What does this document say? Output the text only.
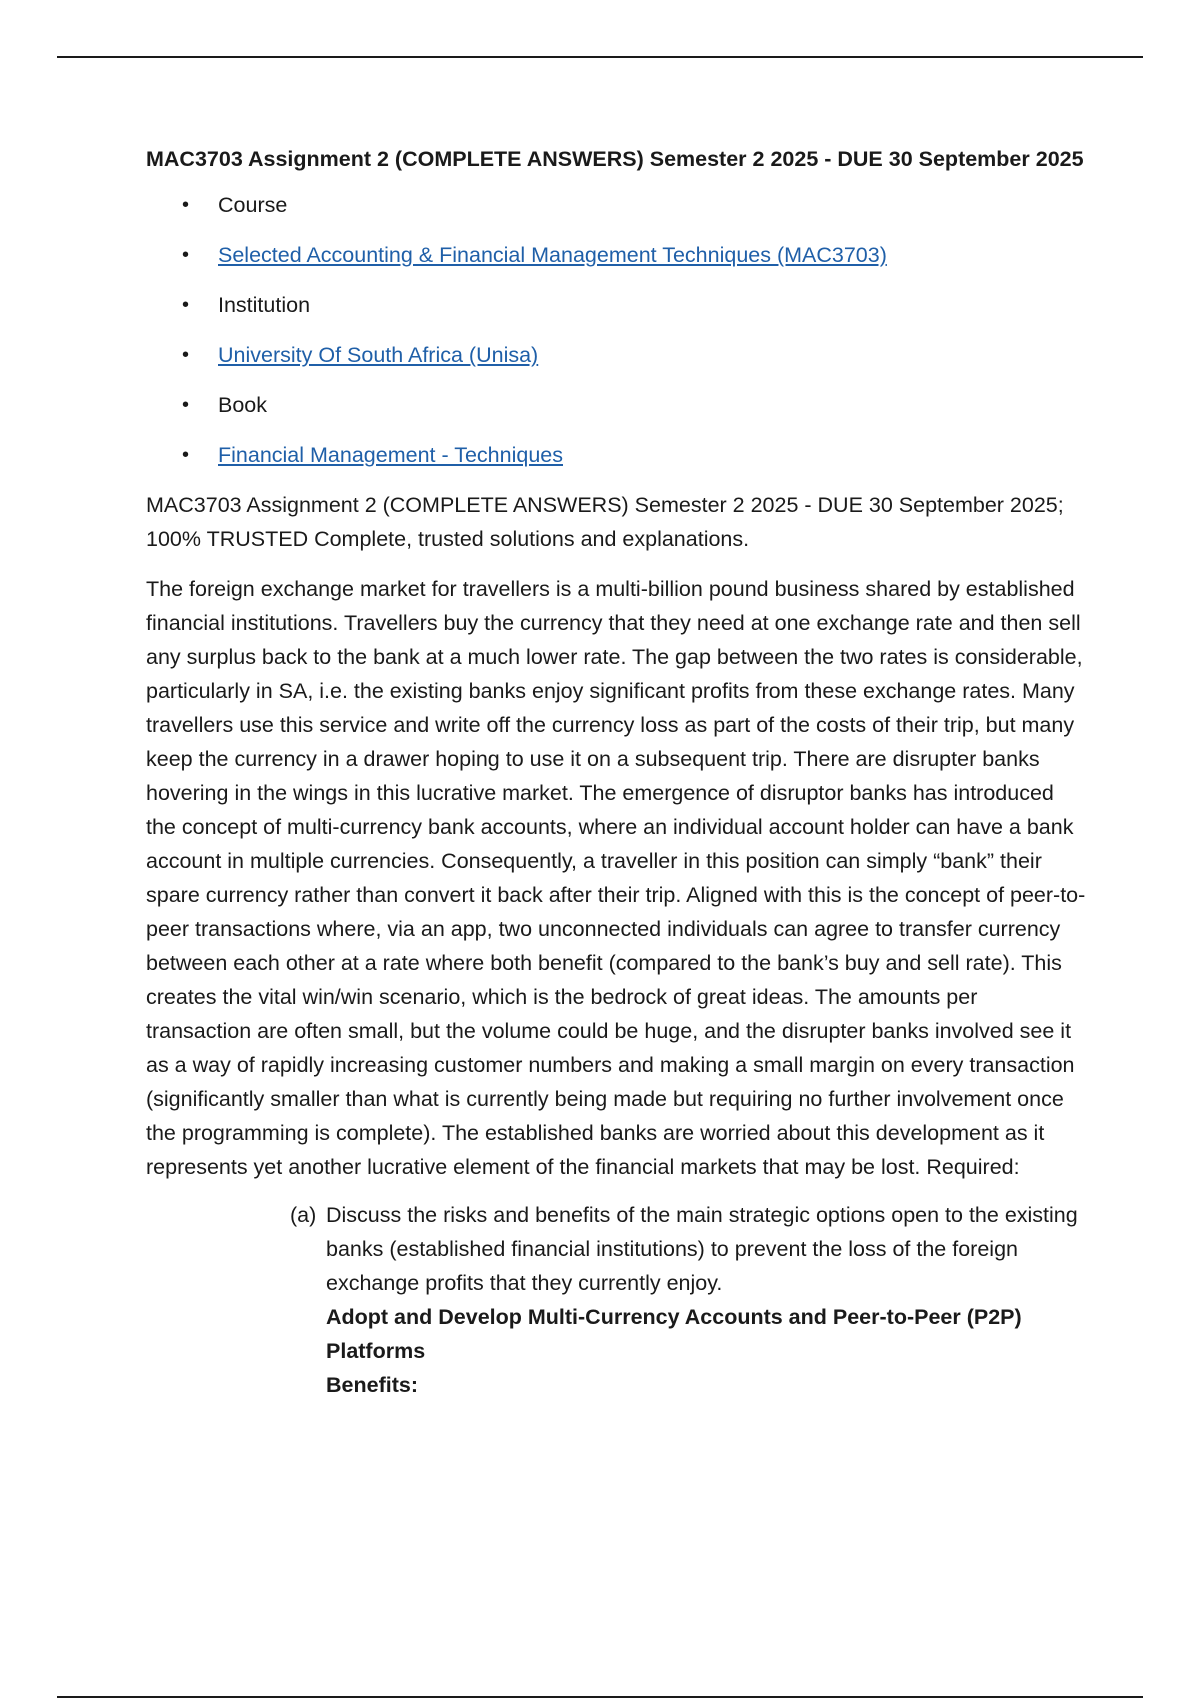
MAC3703 Assignment 2 (COMPLETE ANSWERS) Semester 2 2025 - DUE 30 September 2025
• Course
• Selected Accounting & Financial Management Techniques (MAC3703)
• Institution
• University Of South Africa (Unisa)
• Book
• Financial Management - Techniques

MAC3703 Assignment 2 (COMPLETE ANSWERS) Semester 2 2025 - DUE 30 September 2025; 100% TRUSTED Complete, trusted solutions and explanations.

The foreign exchange market for travellers is a multi-billion pound business shared by established financial institutions. Travellers buy the currency that they need at one exchange rate and then sell any surplus back to the bank at a much lower rate. The gap between the two rates is considerable, particularly in SA, i.e. the existing banks enjoy significant profits from these exchange rates. Many travellers use this service and write off the currency loss as part of the costs of their trip, but many keep the currency in a drawer hoping to use it on a subsequent trip. There are disrupter banks hovering in the wings in this lucrative market. The emergence of disruptor banks has introduced the concept of multi-currency bank accounts, where an individual account holder can have a bank account in multiple currencies. Consequently, a traveller in this position can simply “bank” their spare currency rather than convert it back after their trip. Aligned with this is the concept of peer-to-peer transactions where, via an app, two unconnected individuals can agree to transfer currency between each other at a rate where both benefit (compared to the bank’s buy and sell rate). This creates the vital win/win scenario, which is the bedrock of great ideas. The amounts per transaction are often small, but the volume could be huge, and the disrupter banks involved see it as a way of rapidly increasing customer numbers and making a small margin on every transaction (significantly smaller than what is currently being made but requiring no further involvement once the programming is complete). The established banks are worried about this development as it represents yet another lucrative element of the financial markets that may be lost. Required:

(a) Discuss the risks and benefits of the main strategic options open to the existing banks (established financial institutions) to prevent the loss of the foreign exchange profits that they currently enjoy.
Adopt and Develop Multi-Currency Accounts and Peer-to-Peer (P2P) Platforms
Benefits:
